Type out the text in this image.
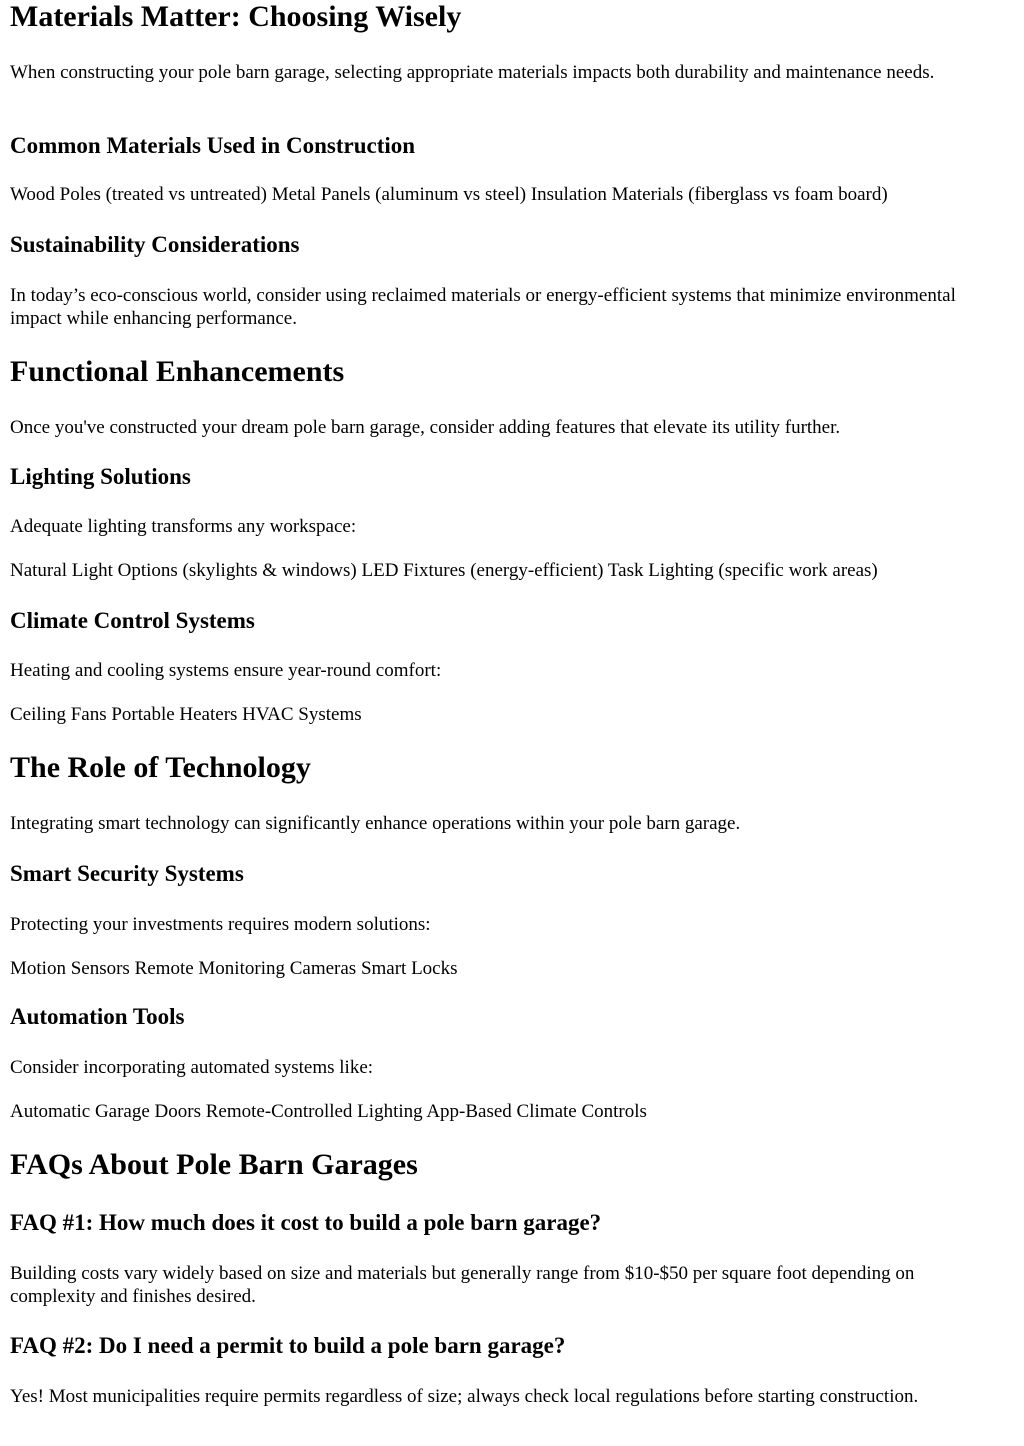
Materials Matter: Choosing Wisely

When constructing your pole barn garage, selecting appropriate materials impacts both durability and maintenance needs.

Common Materials Used in Construction

Wood Poles (treated vs untreated) Metal Panels (aluminum vs steel) Insulation Materials (fiberglass vs foam board)

Sustainability Considerations

In today’s eco-conscious world, consider using reclaimed materials or energy-efficient systems that minimize environmental impact while enhancing performance.

Functional Enhancements

Once you've constructed your dream pole barn garage, consider adding features that elevate its utility further.

Lighting Solutions

Adequate lighting transforms any workspace:

Natural Light Options (skylights & windows) LED Fixtures (energy-efficient) Task Lighting (specific work areas)

Climate Control Systems

Heating and cooling systems ensure year-round comfort:

Ceiling Fans Portable Heaters HVAC Systems

The Role of Technology

Integrating smart technology can significantly enhance operations within your pole barn garage.

Smart Security Systems

Protecting your investments requires modern solutions:

Motion Sensors Remote Monitoring Cameras Smart Locks

Automation Tools

Consider incorporating automated systems like:

Automatic Garage Doors Remote-Controlled Lighting App-Based Climate Controls

FAQs About Pole Barn Garages
FAQ #1: How much does it cost to build a pole barn garage?

Building costs vary widely based on size and materials but generally range from $10-$50 per square foot depending on complexity and finishes desired.

FAQ #2: Do I need a permit to build a pole barn garage?

Yes! Most municipalities require permits regardless of size; always check local regulations before starting construction.
